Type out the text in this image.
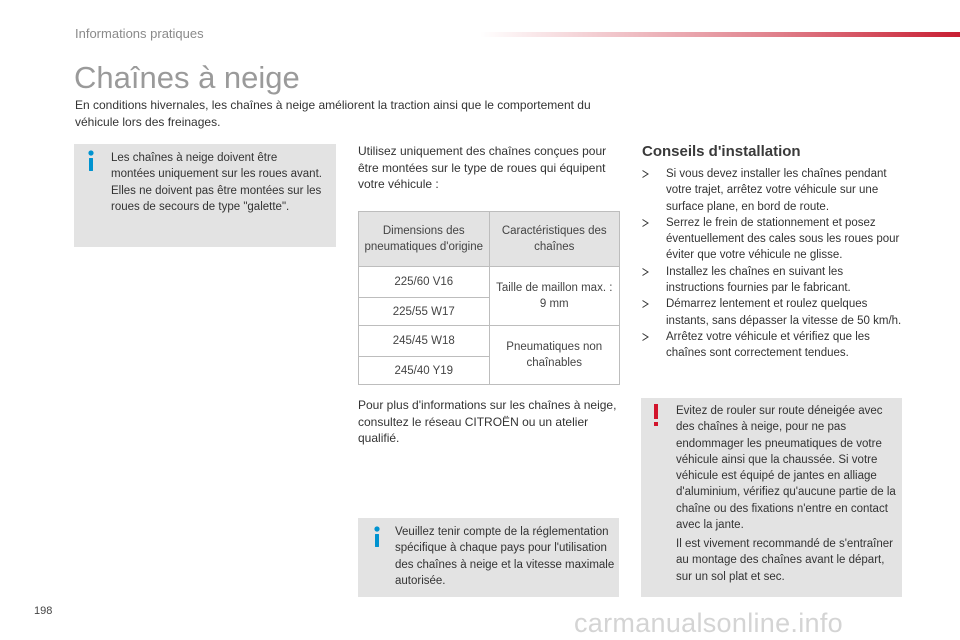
Informations pratiques
Chaînes à neige
En conditions hivernales, les chaînes à neige améliorent la traction ainsi que le comportement du véhicule lors des freinages.
Les chaînes à neige doivent être montées uniquement sur les roues avant. Elles ne doivent pas être montées sur les roues de secours de type "galette".
Utilisez uniquement des chaînes conçues pour être montées sur le type de roues qui équipent votre véhicule :
Dimensions des pneumatiques d'origine	Caractéristiques des chaînes
225/60 V16	Taille de maillon max. : 9 mm
225/55 W17	
245/45 W18	Pneumatiques non chaînables
245/40 Y19	
Pour plus d'informations sur les chaînes à neige, consultez le réseau CITROËN ou un atelier qualifié.
Veuillez tenir compte de la réglementation spécifique à chaque pays pour l'utilisation des chaînes à neige et la vitesse maximale autorisée.
Conseils d'installation
Si vous devez installer les chaînes pendant votre trajet, arrêtez votre véhicule sur une surface plane, en bord de route.
Serrez le frein de stationnement et posez éventuellement des cales sous les roues pour éviter que votre véhicule ne glisse.
Installez les chaînes en suivant les instructions fournies par le fabricant.
Démarrez lentement et roulez quelques instants, sans dépasser la vitesse de 50 km/h.
Arrêtez votre véhicule et vérifiez que les chaînes sont correctement tendues.
Evitez de rouler sur route déneigée avec des chaînes à neige, pour ne pas endommager les pneumatiques de votre véhicule ainsi que la chaussée. Si votre véhicule est équipé de jantes en alliage d'aluminium, vérifiez qu'aucune partie de la chaîne ou des fixations n'entre en contact avec la jante.
Il est vivement recommandé de s'entraîner au montage des chaînes avant le départ, sur un sol plat et sec.
198	carmanualsonline.info
